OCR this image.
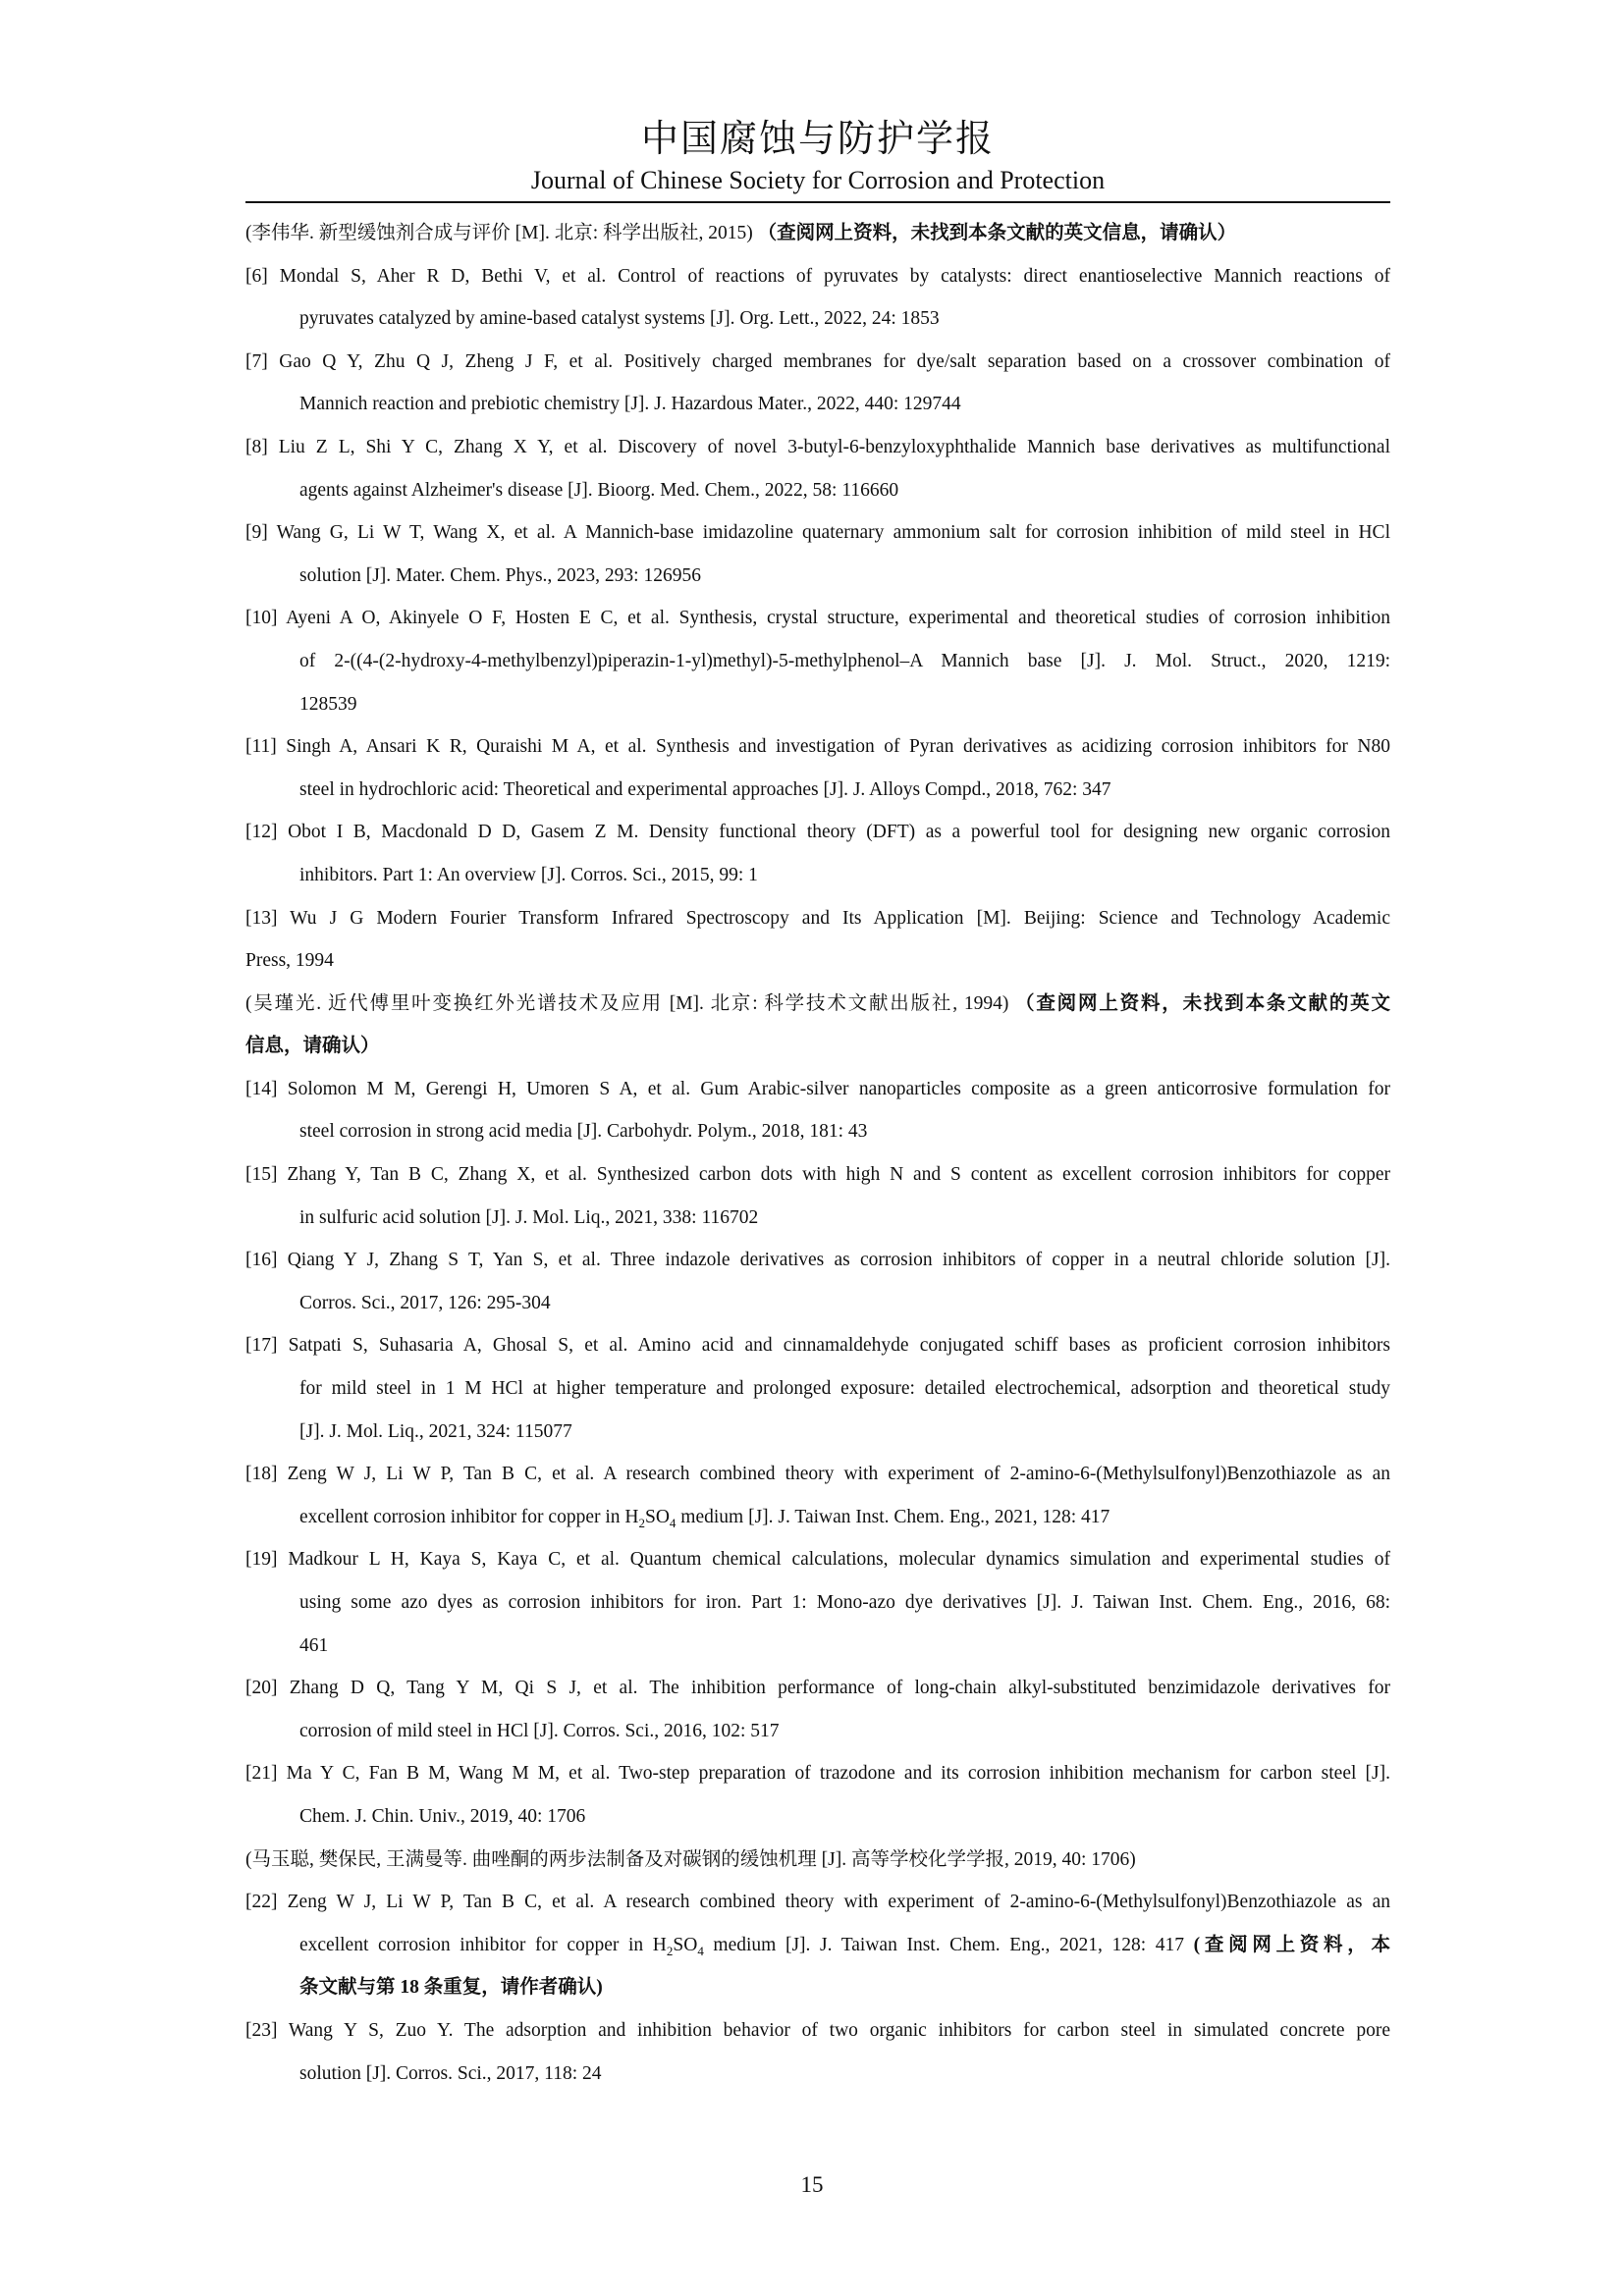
中国腐蚀与防护学报
Journal of Chinese Society for Corrosion and Protection
(李伟华. 新型缓蚀剂合成与评价 [M]. 北京: 科学出版社, 2015) （查阅网上资料，未找到本条文献的英文信息，请确认）
[6] Mondal S, Aher R D, Bethi V, et al. Control of reactions of pyruvates by catalysts: direct enantioselective Mannich reactions of
pyruvates catalyzed by amine-based catalyst systems [J]. Org. Lett., 2022, 24: 1853
[7] Gao Q Y, Zhu Q J, Zheng J F, et al. Positively charged membranes for dye/salt separation based on a crossover combination of
Mannich reaction and prebiotic chemistry [J]. J. Hazardous Mater., 2022, 440: 129744
[8] Liu Z L, Shi Y C, Zhang X Y, et al. Discovery of novel 3-butyl-6-benzyloxyphthalide Mannich base derivatives as multifunctional
agents against Alzheimer's disease [J]. Bioorg. Med. Chem., 2022, 58: 116660
[9] Wang G, Li W T, Wang X, et al. A Mannich-base imidazoline quaternary ammonium salt for corrosion inhibition of mild steel in HCl
solution [J]. Mater. Chem. Phys., 2023, 293: 126956
[10] Ayeni A O, Akinyele O F, Hosten E C, et al. Synthesis, crystal structure, experimental and theoretical studies of corrosion inhibition
of 2-((4-(2-hydroxy-4-methylbenzyl)piperazin-1-yl)methyl)-5-methylphenol–A Mannich base [J]. J. Mol. Struct., 2020, 1219:
128539
[11] Singh A, Ansari K R, Quraishi M A, et al. Synthesis and investigation of Pyran derivatives as acidizing corrosion inhibitors for N80
steel in hydrochloric acid: Theoretical and experimental approaches [J]. J. Alloys Compd., 2018, 762: 347
[12] Obot I B, Macdonald D D, Gasem Z M. Density functional theory (DFT) as a powerful tool for designing new organic corrosion
inhibitors. Part 1: An overview [J]. Corros. Sci., 2015, 99: 1
[13] Wu J G Modern Fourier Transform Infrared Spectroscopy and Its Application [M]. Beijing: Science and Technology Academic
Press, 1994
(吴瑾光. 近代傅里叶变换红外光谱技术及应用 [M]. 北京: 科学技术文献出版社, 1994) （查阅网上资料，未找到本条文献的英文
信息，请确认）
[14] Solomon M M, Gerengi H, Umoren S A, et al. Gum Arabic-silver nanoparticles composite as a green anticorrosive formulation for
steel corrosion in strong acid media [J]. Carbohydr. Polym., 2018, 181: 43
[15] Zhang Y, Tan B C, Zhang X, et al. Synthesized carbon dots with high N and S content as excellent corrosion inhibitors for copper
in sulfuric acid solution [J]. J. Mol. Liq., 2021, 338: 116702
[16] Qiang Y J, Zhang S T, Yan S, et al. Three indazole derivatives as corrosion inhibitors of copper in a neutral chloride solution [J].
Corros. Sci., 2017, 126: 295-304
[17] Satpati S, Suhasaria A, Ghosal S, et al. Amino acid and cinnamaldehyde conjugated schiff bases as proficient corrosion inhibitors
for mild steel in 1 M HCl at higher temperature and prolonged exposure: detailed electrochemical, adsorption and theoretical study
[J]. J. Mol. Liq., 2021, 324: 115077
[18] Zeng W J, Li W P, Tan B C, et al. A research combined theory with experiment of 2-amino-6-(Methylsulfonyl)Benzothiazole as an
excellent corrosion inhibitor for copper in $H_2SO_4$ medium [J]. J. Taiwan Inst. Chem. Eng., 2021, 128: 417
[19] Madkour L H, Kaya S, Kaya C, et al. Quantum chemical calculations, molecular dynamics simulation and experimental studies of
using some azo dyes as corrosion inhibitors for iron. Part 1: Mono-azo dye derivatives [J]. J. Taiwan Inst. Chem. Eng., 2016, 68:
461
[20] Zhang D Q, Tang Y M, Qi S J, et al. The inhibition performance of long-chain alkyl-substituted benzimidazole derivatives for
corrosion of mild steel in HCl [J]. Corros. Sci., 2016, 102: 517
[21] Ma Y C, Fan B M, Wang M M, et al. Two-step preparation of trazodone and its corrosion inhibition mechanism for carbon steel [J].
Chem. J. Chin. Univ., 2019, 40: 1706
(马玉聪, 樊保民, 王满曼等. 曲唑酮的两步法制备及对碳钢的缓蚀机理 [J]. 高等学校化学学报, 2019, 40: 1706)
[22] Zeng W J, Li W P, Tan B C, et al. A research combined theory with experiment of 2-amino-6-(Methylsulfonyl)Benzothiazole as an
excellent corrosion inhibitor for copper in $H_2SO_4$ medium [J]. J. Taiwan Inst. Chem. Eng., 2021, 128: 417 (查阅网上资料，本
条文献与第 18 条重复，请作者确认)
[23] Wang Y S, Zuo Y. The adsorption and inhibition behavior of two organic inhibitors for carbon steel in simulated concrete pore
solution [J]. Corros. Sci., 2017, 118: 24
15
